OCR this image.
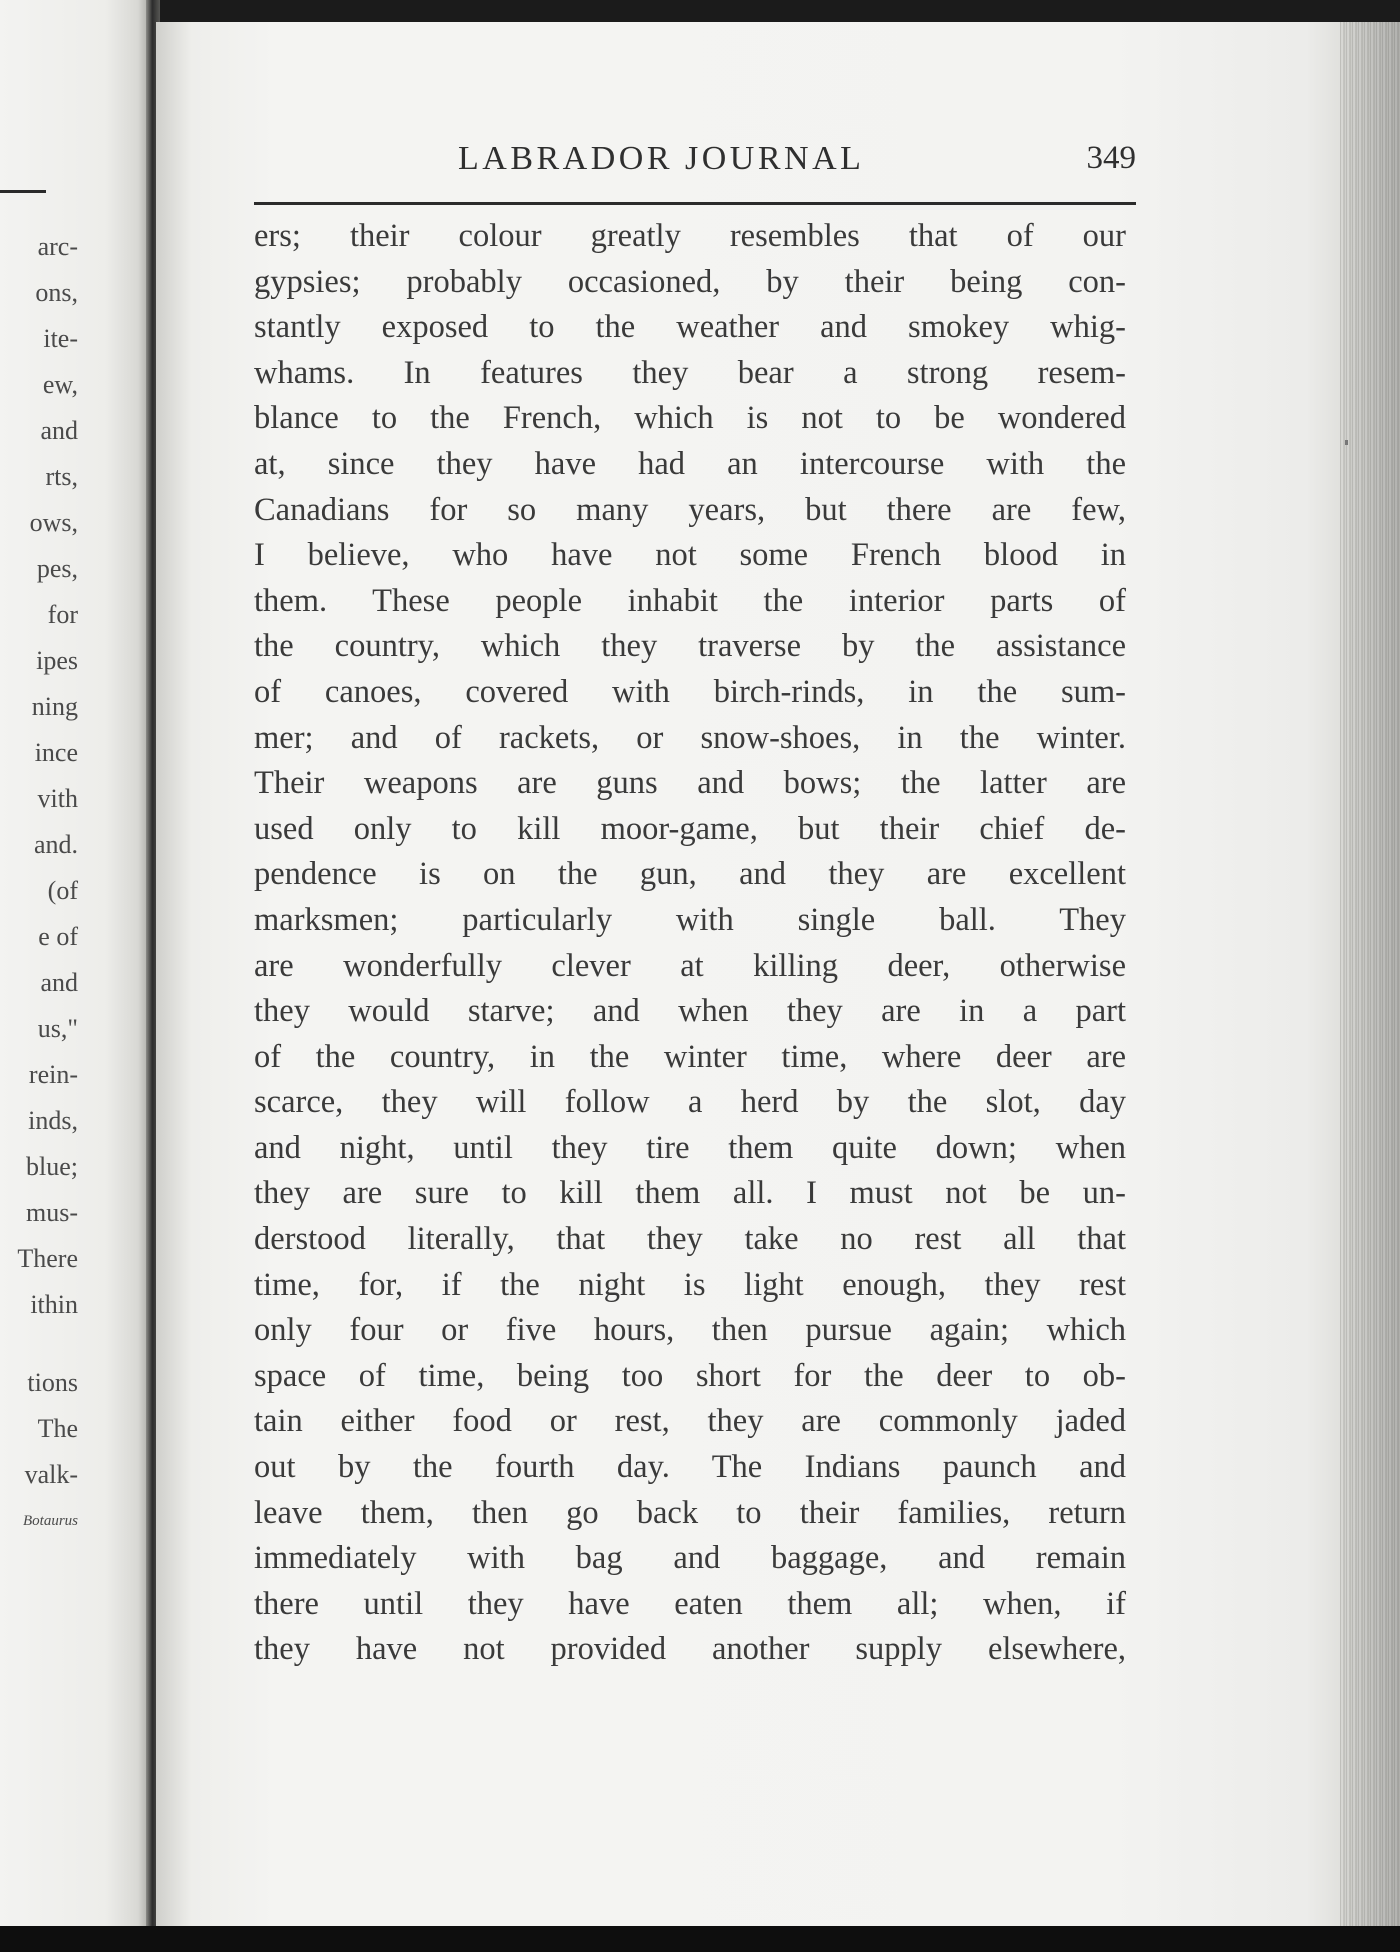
arc-
ons,
ite-
ew,
and
rts,
ows,
pes,
for
ipes
ning
ince
vith
and.
(of
e of
and
us,"
rein-
inds,
blue;
mus-
There
ithin
tions
The
valk-
Botaurus
LABRADOR JOURNAL	349
ers; their colour greatly resembles that of our
gypsies; probably occasioned, by their being con-
stantly exposed to the weather and smokey whig-
whams. In features they bear a strong resem-
blance to the French, which is not to be wondered
at, since they have had an intercourse with the
Canadians for so many years, but there are few,
I believe, who have not some French blood in
them. These people inhabit the interior parts of
the country, which they traverse by the assistance
of canoes, covered with birch-rinds, in the sum-
mer; and of rackets, or snow-shoes, in the winter.
Their weapons are guns and bows; the latter are
used only to kill moor-game, but their chief de-
pendence is on the gun, and they are excellent
marksmen; particularly with single ball. They
are wonderfully clever at killing deer, otherwise
they would starve; and when they are in a part
of the country, in the winter time, where deer are
scarce, they will follow a herd by the slot, day
and night, until they tire them quite down; when
they are sure to kill them all. I must not be un-
derstood literally, that they take no rest all that
time, for, if the night is light enough, they rest
only four or five hours, then pursue again; which
space of time, being too short for the deer to ob-
tain either food or rest, they are commonly jaded
out by the fourth day. The Indians paunch and
leave them, then go back to their families, return
immediately with bag and baggage, and remain
there until they have eaten them all; when, if
they have not provided another supply elsewhere,
